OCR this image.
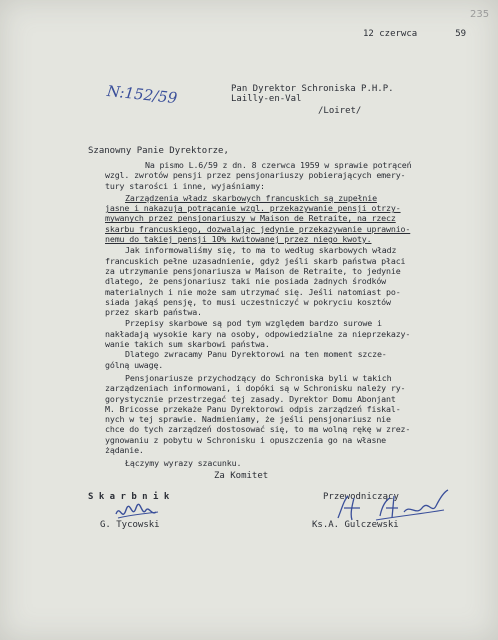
235
12 czerwca	59
N:152/59	Pan Dyrektor Schroniska P.H.P.
Lailly-en-Val
/Loiret/
Szanowny Panie Dyrektorze,
Na pismo L.6/59 z dn. 8 czerwca 1959 w sprawie potrąceń
wzgl. zwrotów pensji przez pensjonariuszy pobierających emery-
tury starości i inne, wyjaśniamy:
Zarządzenia władz skarbowych francuskich są zupełnie
jasne i nakazują potrącanie wzgl. przekazywanie pensji otrzy-
mywanych przez pensjonariuszy w Maison de Retraite, na rzecz
skarbu francuskiego, dozwalając jedynie przekazywanie uprawnio-
nemu do takiej pensji 10% kwitowanej przez niego kwoty.
Jak informowaliśmy się, to ma to według skarbowych władz
francuskich pełne uzasadnienie, gdyż jeśli skarb państwa płaci
za utrzymanie pensjonariusza w Maison de Retraite, to jedynie
dlatego, że pensjonariusz taki nie posiada żadnych środków
materialnych i nie może sam utrzymać się. Jeśli natomiast po-
siada jakąś pensję, to musi uczestniczyć w pokryciu kosztów
przez skarb państwa.
Przepisy skarbowe są pod tym względem bardzo surowe i
nakładają wysokie kary na osoby, odpowiedzialne za nieprzekazy-
wanie takich sum skarbowi państwa.
Dlatego zwracamy Panu Dyrektorowi na ten moment szcze-
gólną uwagę.
Pensjonariusze przychodzący do Schroniska byli w takich
zarządzeniach informowani, i dopóki są w Schronisku należy ry-
gorystycznie przestrzegać tej zasady. Dyrektor Domu Abonjant
M. Bricosse przekaże Panu Dyrektorowi odpis zarządzeń fiskal-
nych w tej sprawie. Nadmieniamy, że jeśli pensjonariusz nie
chce do tych zarządzeń dostosować się, to ma wolną rękę w zrez-
ygnowaniu z pobytu w Schronisku i opuszczenia go na własne
żądanie.
Łączymy wyrazy szacunku.
Za Komitet
S k a r b n i k
G. Tycowski
Przewodniczący
Ks.A. Gulczewski
